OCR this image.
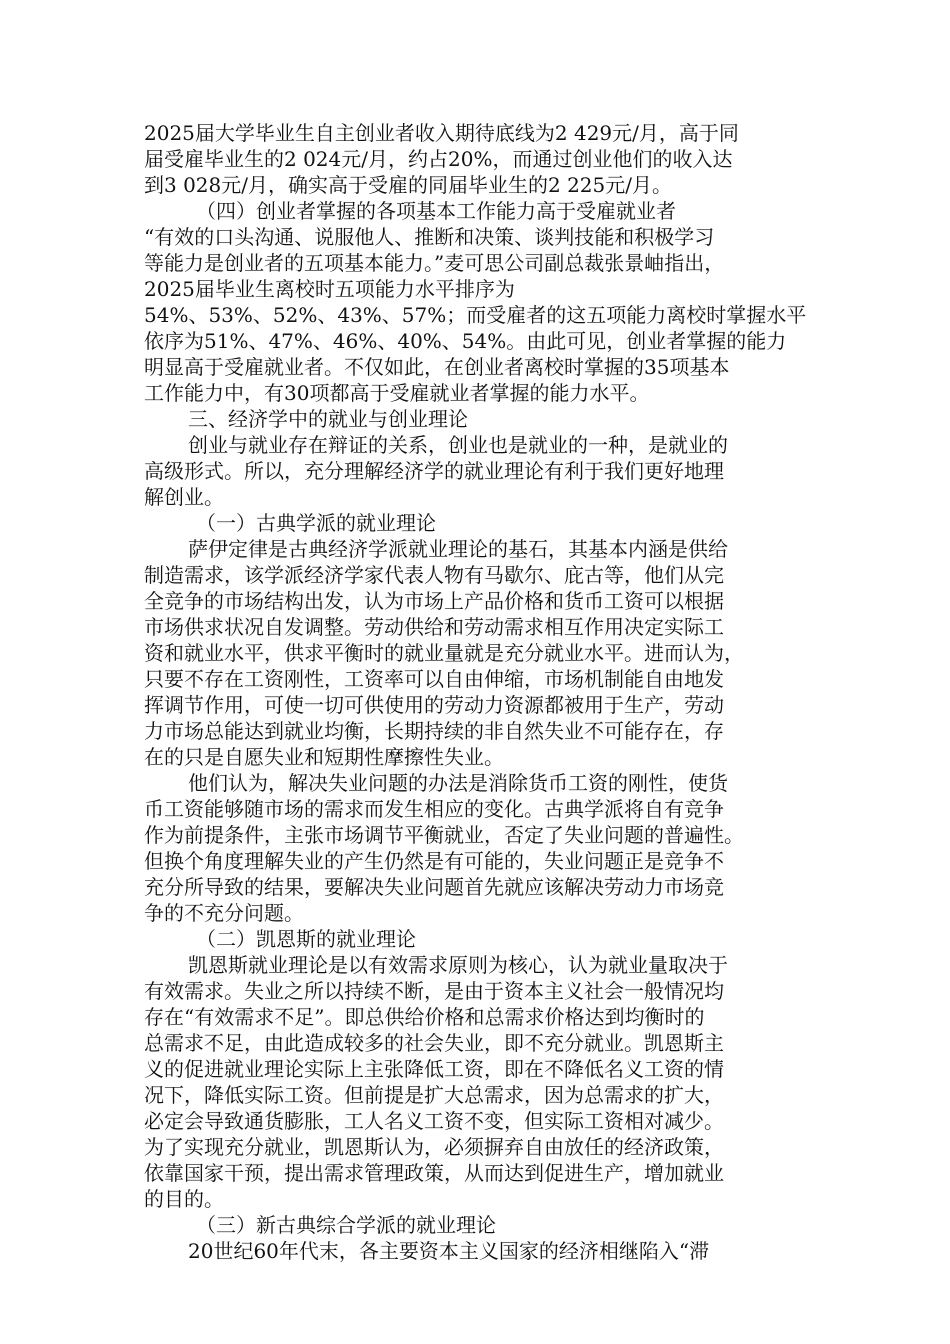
2025届大学毕业生自主创业者收入期待底线为2 429元/月，高于同
届受雇毕业生的2 024元/月，约占20%，而通过创业他们的收入达
到3 028元/月，确实高于受雇的同届毕业生的2 225元/月。
（四）创业者掌握的各项基本工作能力高于受雇就业者
“有效的口头沟通、说服他人、推断和决策、谈判技能和积极学习
等能力是创业者的五项基本能力。”麦可思公司副总裁张景岫指出，
2025届毕业生离校时五项能力水平排序为
54%、53%、52%、43%、57%；而受雇者的这五项能力离校时掌握水平
依序为51%、47%、46%、40%、54%。由此可见，创业者掌握的能力
明显高于受雇就业者。不仅如此，在创业者离校时掌握的35项基本
工作能力中，有30项都高于受雇就业者掌握的能力水平。
三、经济学中的就业与创业理论
创业与就业存在辩证的关系，创业也是就业的一种，是就业的
高级形式。所以，充分理解经济学的就业理论有利于我们更好地理
解创业。
（一）古典学派的就业理论
萨伊定律是古典经济学派就业理论的基石，其基本内涵是供给
制造需求，该学派经济学家代表人物有马歇尔、庇古等，他们从完
全竞争的市场结构出发，认为市场上产品价格和货币工资可以根据
市场供求状况自发调整。劳动供给和劳动需求相互作用决定实际工
资和就业水平，供求平衡时的就业量就是充分就业水平。进而认为，
只要不存在工资刚性，工资率可以自由伸缩，市场机制能自由地发
挥调节作用，可使一切可供使用的劳动力资源都被用于生产，劳动
力市场总能达到就业均衡，长期持续的非自然失业不可能存在，存
在的只是自愿失业和短期性摩擦性失业。
他们认为，解决失业问题的办法是消除货币工资的刚性，使货
币工资能够随市场的需求而发生相应的变化。古典学派将自有竞争
作为前提条件，主张市场调节平衡就业，否定了失业问题的普遍性。
但换个角度理解失业的产生仍然是有可能的，失业问题正是竞争不
充分所导致的结果，要解决失业问题首先就应该解决劳动力市场竞
争的不充分问题。
（二）凯恩斯的就业理论
凯恩斯就业理论是以有效需求原则为核心，认为就业量取决于
有效需求。失业之所以持续不断，是由于资本主义社会一般情况均
存在“有效需求不足”。即总供给价格和总需求价格达到均衡时的
总需求不足，由此造成较多的社会失业，即不充分就业。凯恩斯主
义的促进就业理论实际上主张降低工资，即在不降低名义工资的情
况下，降低实际工资。但前提是扩大总需求，因为总需求的扩大，
必定会导致通货膨胀，工人名义工资不变，但实际工资相对减少。
为了实现充分就业，凯恩斯认为，必须摒弃自由放任的经济政策，
依靠国家干预，提出需求管理政策，从而达到促进生产，增加就业
的目的。
（三）新古典综合学派的就业理论
20世纪60年代末，各主要资本主义国家的经济相继陷入“滞
